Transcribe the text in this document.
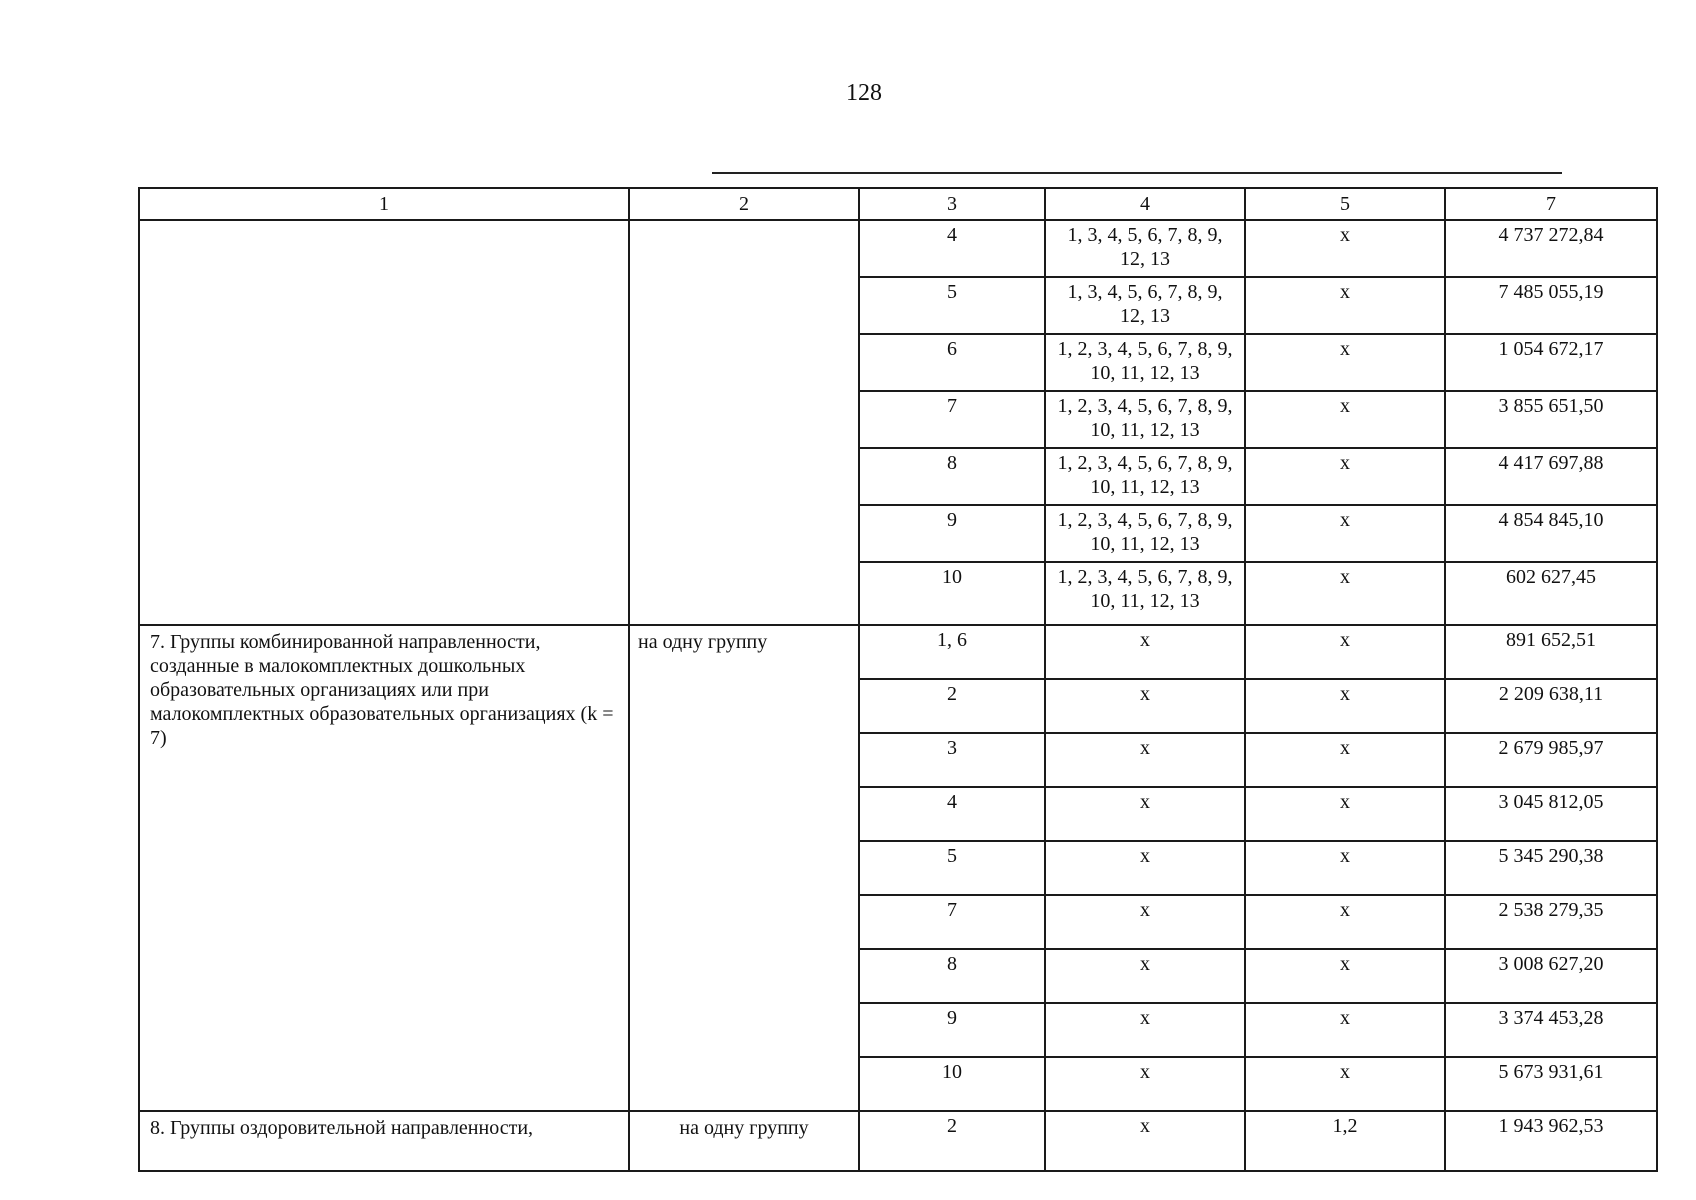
128
1	2	3	4	5	7
		4	1, 3, 4, 5, 6, 7, 8, 9, 12, 13	х	4 737 272,84
		5	1, 3, 4, 5, 6, 7, 8, 9, 12, 13	х	7 485 055,19
		6	1, 2, 3, 4, 5, 6, 7, 8, 9, 10, 11, 12, 13	х	1 054 672,17
		7	1, 2, 3, 4, 5, 6, 7, 8, 9, 10, 11, 12, 13	х	3 855 651,50
		8	1, 2, 3, 4, 5, 6, 7, 8, 9, 10, 11, 12, 13	х	4 417 697,88
		9	1, 2, 3, 4, 5, 6, 7, 8, 9, 10, 11, 12, 13	х	4 854 845,10
		10	1, 2, 3, 4, 5, 6, 7, 8, 9, 10, 11, 12, 13	х	602 627,45
7. Группы комбинированной направленности, созданные в малокомплектных дошкольных образовательных организациях или при малокомплектных образовательных организациях (k = 7)	на одну группу	1, 6	х	х	891 652,51
		2	х	х	2 209 638,11
		3	х	х	2 679 985,97
		4	х	х	3 045 812,05
		5	х	х	5 345 290,38
		7	х	х	2 538 279,35
		8	х	х	3 008 627,20
		9	х	х	3 374 453,28
		10	х	х	5 673 931,61
8. Группы оздоровительной направленности,	на одну группу	2	х	1,2	1 943 962,53
